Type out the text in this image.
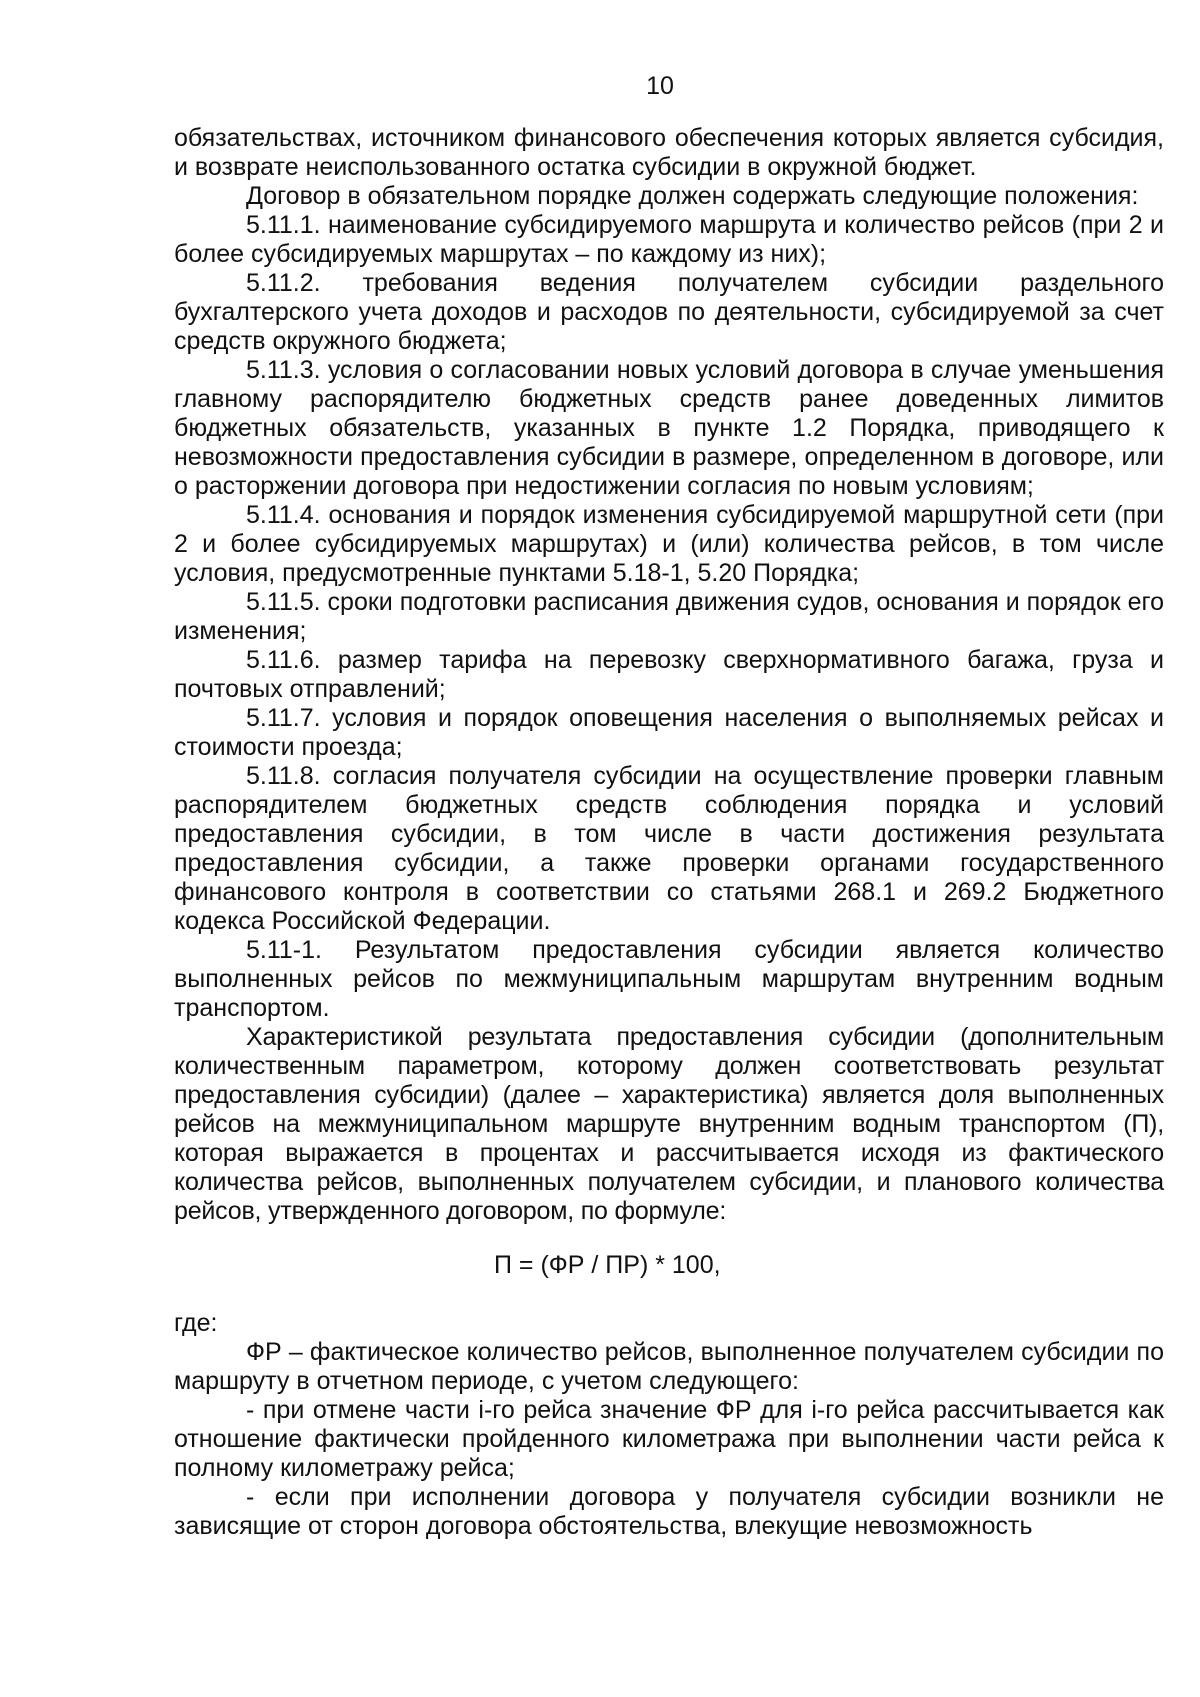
10

обязательствах, источником финансового обеспечения которых является субсидия, и возврате неиспользованного остатка субсидии в окружной бюджет.

Договор в обязательном порядке должен содержать следующие положения:

5.11.1. наименование субсидируемого маршрута и количество рейсов (при 2 и более субсидируемых маршрутах – по каждому из них);

5.11.2. требования ведения получателем субсидии раздельного бухгалтерского учета доходов и расходов по деятельности, субсидируемой за счет средств окружного бюджета;

5.11.3. условия о согласовании новых условий договора в случае уменьшения главному распорядителю бюджетных средств ранее доведенных лимитов бюджетных обязательств, указанных в пункте 1.2 Порядка, приводящего к невозможности предоставления субсидии в размере, определенном в договоре, или о расторжении договора при недостижении согласия по новым условиям;

5.11.4. основания и порядок изменения субсидируемой маршрутной сети (при 2 и более субсидируемых маршрутах) и (или) количества рейсов, в том числе условия, предусмотренные пунктами 5.18-1, 5.20 Порядка;

5.11.5. сроки подготовки расписания движения судов, основания и порядок его изменения;

5.11.6. размер тарифа на перевозку сверхнормативного багажа, груза и почтовых отправлений;

5.11.7. условия и порядок оповещения населения о выполняемых рейсах и стоимости проезда;

5.11.8. согласия получателя субсидии на осуществление проверки главным распорядителем бюджетных средств соблюдения порядка и условий предоставления субсидии, в том числе в части достижения результата предоставления субсидии, а также проверки органами государственного финансового контроля в соответствии со статьями 268.1 и 269.2 Бюджетного кодекса Российской Федерации.

5.11-1. Результатом предоставления субсидии является количество выполненных рейсов по межмуниципальным маршрутам внутренним водным транспортом.

Характеристикой результата предоставления субсидии (дополнительным количественным параметром, которому должен соответствовать результат предоставления субсидии) (далее – характеристика) является доля выполненных рейсов на межмуниципальном маршруте внутренним водным транспортом (П), которая выражается в процентах и рассчитывается исходя из фактического количества рейсов, выполненных получателем субсидии, и планового количества рейсов, утвержденного договором, по формуле:

П = (ФР / ПР) * 100,

где:

ФР – фактическое количество рейсов, выполненное получателем субсидии по маршруту в отчетном периоде, с учетом следующего:

- при отмене части i-го рейса значение ФР для i-го рейса рассчитывается как отношение фактически пройденного километража при выполнении части рейса к полному километражу рейса;

- если при исполнении договора у получателя субсидии возникли не зависящие от сторон договора обстоятельства, влекущие невозможность
